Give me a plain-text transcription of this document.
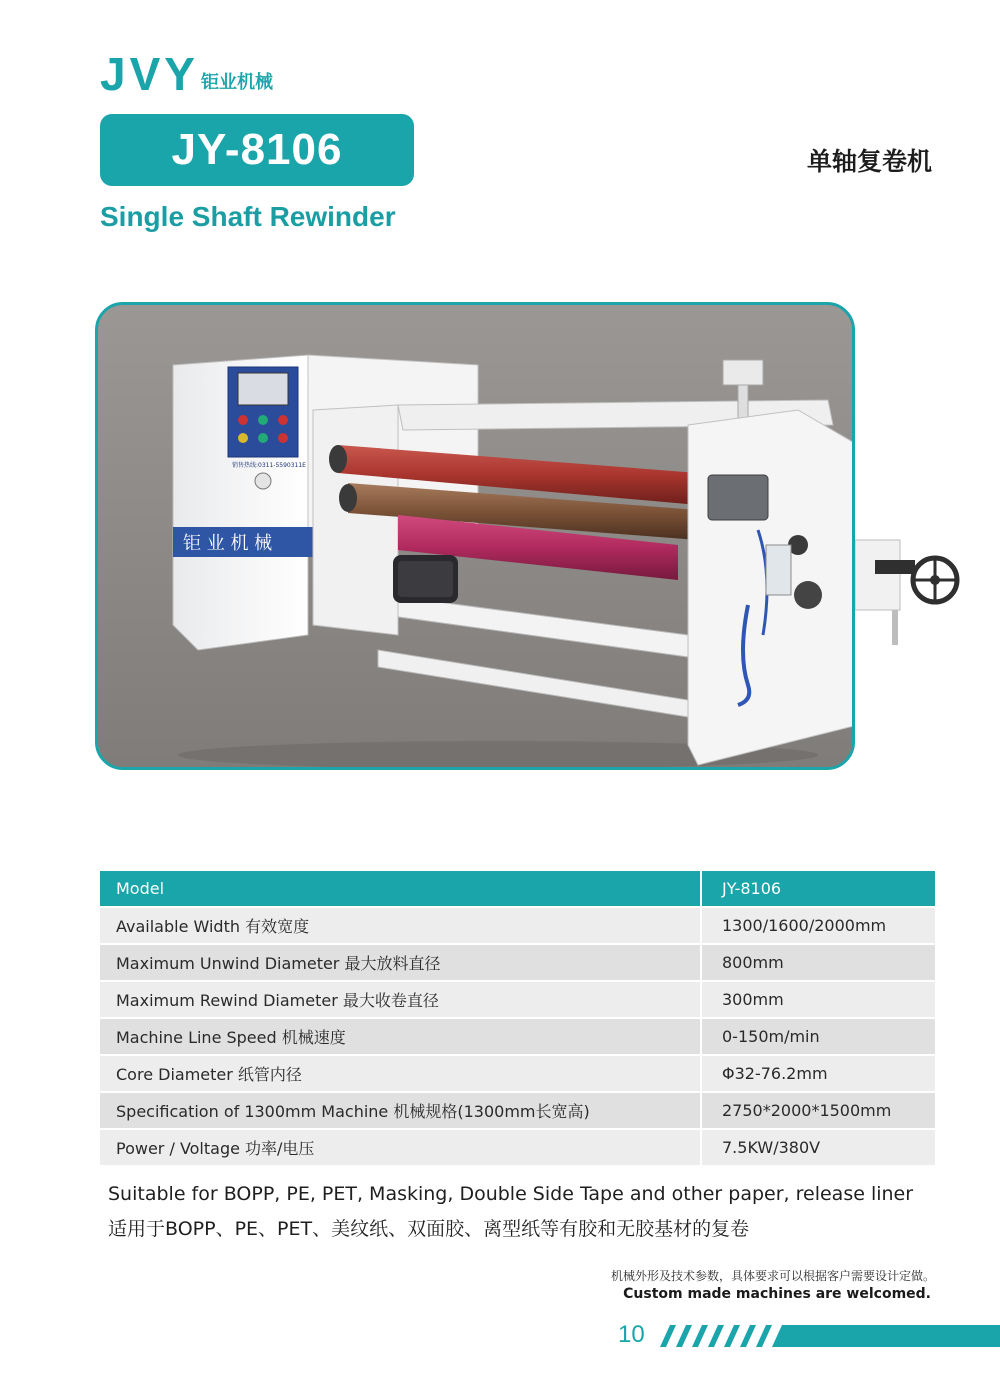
JVY 钜业机械
JY-8106	单轴复卷机
Single Shaft Rewinder
销售热线:0311-5590311E
钜 业 机 械
Model	JY-8106
Available Width 有效宽度	1300/1600/2000mm
Maximum Unwind Diameter 最大放料直径	800mm
Maximum Rewind Diameter 最大收卷直径	300mm
Machine Line Speed 机械速度	0-150m/min
Core Diameter 纸管内径	Φ32-76.2mm
Specification of 1300mm Machine 机械规格(1300mm长宽高)	2750*2000*1500mm
Power / Voltage 功率/电压	7.5KW/380V
Suitable for BOPP, PE, PET, Masking, Double Side Tape and other paper, release liner
适用于BOPP、PE、PET、美纹纸、双面胶、离型纸等有胶和无胶基材的复卷
机械外形及技术参数，具体要求可以根据客户需要设计定做。
Custom made machines are welcomed.
10
